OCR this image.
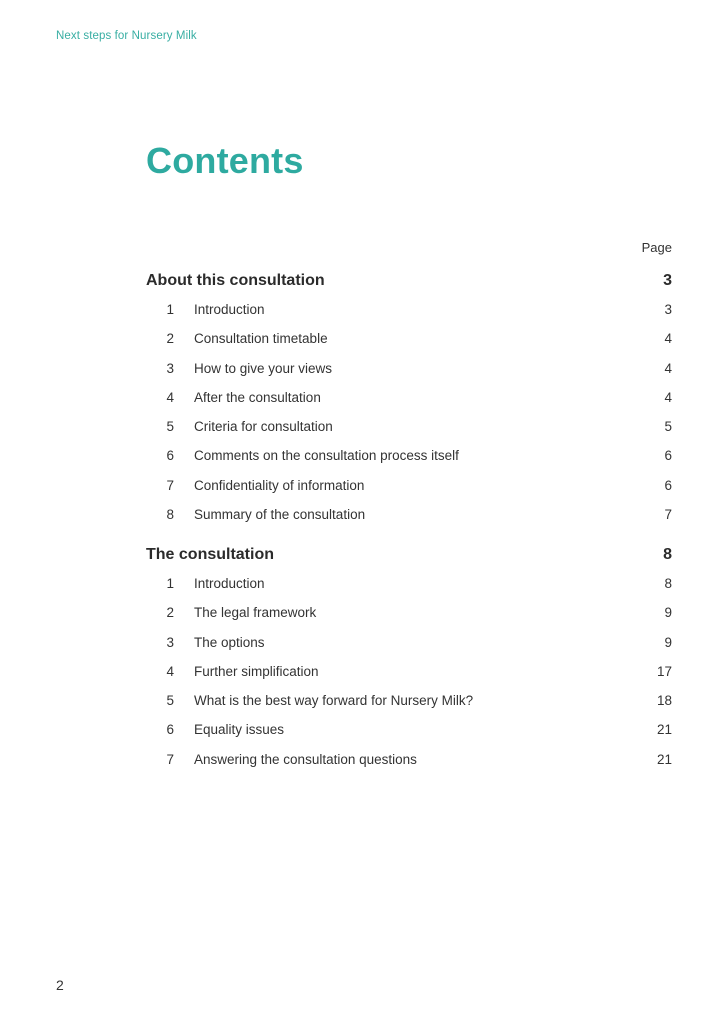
Next steps for Nursery Milk
Contents
Page
About this consultation	3
1 Introduction	3
2 Consultation timetable	4
3 How to give your views	4
4 After the consultation	4
5 Criteria for consultation	5
6 Comments on the consultation process itself	6
7 Confidentiality of information	6
8 Summary of the consultation	7
The consultation	8
1 Introduction	8
2 The legal framework	9
3 The options	9
4 Further simplification	17
5 What is the best way forward for Nursery Milk?	18
6 Equality issues	21
7 Answering the consultation questions	21
2
